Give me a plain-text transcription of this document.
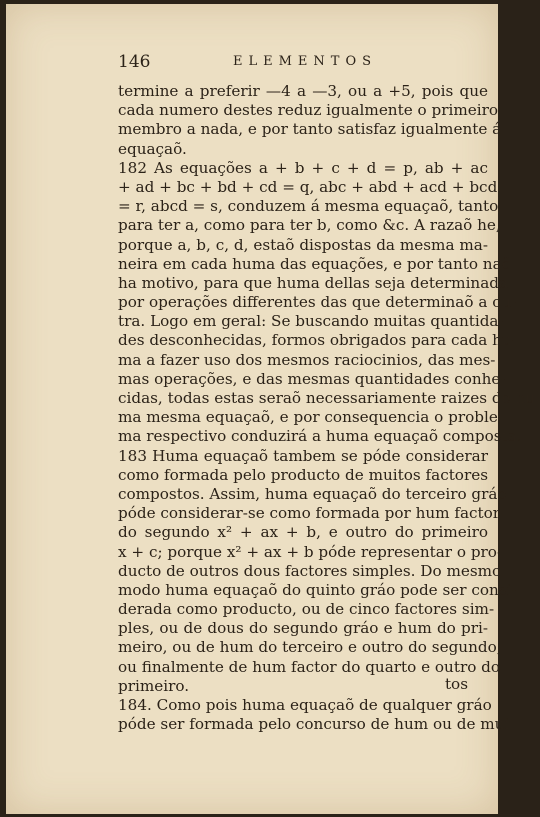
146	ELEMENTOS
termine a preferir —4 a —3, ou a +5, pois que
cada numero destes reduz igualmente o primeiro
membro a nada, e por tanto satisfaz igualmente á
equaçaõ.
182 As equações a + b + c + d = p, ab + ac
+ ad + bc + bd + cd = q, abc + abd + acd + bcd
= r, abcd = s, conduzem á mesma equaçaõ, tanto
para ter a, como para ter b, como &c. A razaõ he,
porque a, b, c, d, estaõ dispostas da mesma ma-
neira em cada huma das equações, e por tanto naõ
ha motivo, para que huma dellas seja determinada
por operações differentes das que determinaõ a ou-
tra. Logo em geral: Se buscando muitas quantida-
des desconhecidas, formos obrigados para cada hu-
ma a fazer uso dos mesmos raciocinios, das mes-
mas operações, e das mesmas quantidades conhe-
cidas, todas estas seraõ necessariamente raizes de hu-
ma mesma equaçaõ, e por consequencia o proble-
ma respectivo conduzirá a huma equaçaõ composta.
183 Huma equaçaõ tambem se póde considerar
como formada pelo producto de muitos factores
compostos. Assim, huma equaçaõ do terceiro gráo
póde considerar-se como formada por hum factor
do segundo x² + ax + b, e outro do primeiro
x + c; porque x² + ax + b póde representar o pro-
ducto de outros dous factores simples. Do mesmo
modo huma equaçaõ do quinto gráo pode ser consi-
derada como producto, ou de cinco factores sim-
ples, ou de dous do segundo gráo e hum do pri-
meiro, ou de hum do terceiro e outro do segundo,
ou finalmente de hum factor do quarto e outro do
primeiro.
184. Como pois huma equaçaõ de qualquer gráo
póde ser formada pelo concurso de hum ou de mui-
tos
